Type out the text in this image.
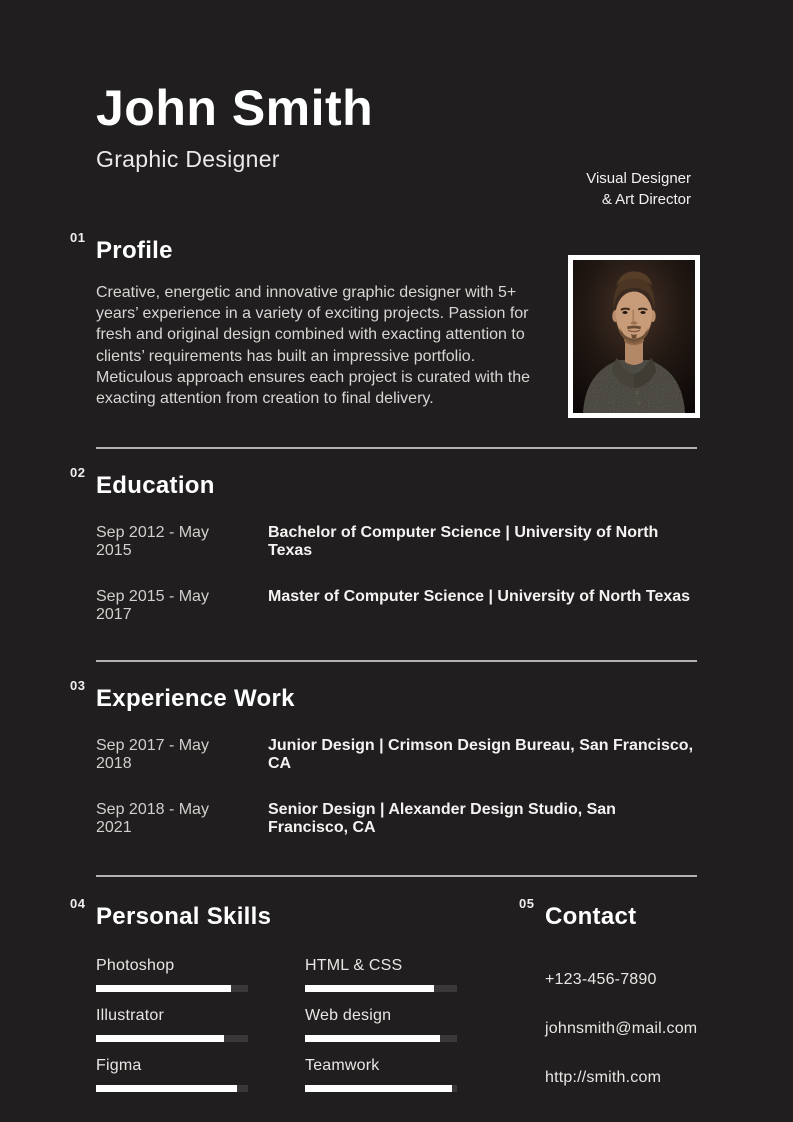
John Smith
Graphic Designer
01 Profile

Creative, energetic and innovative graphic designer with 5+ years’ experience in a variety of exciting projects. Passion for fresh and original design combined with exacting attention to clients’ requirements has built an impressive portfolio. Meticulous approach ensures each project is curated with the exacting attention from creation to final delivery.

02 Education
Sep 2012 - May 2015
Bachelor of Computer Science | University of North Texas
Sep 2015 - May 2017
Master of Computer Science | University of North Texas
03 Experience Work
Sep 2017 - May 2018
Junior Design | Crimson Design Bureau, San Francisco, CA
Sep 2018 - May 2021
Senior Design | Alexander Design Studio, San Francisco, CA
04 Personal Skills
Photoshop	HTML & CSS
Illustrator	Web design
Figma	Teamwork
05 Contact
+123-456-7890
johnsmith@mail.com
http://smith.com
Visual Designer
& Art Director
